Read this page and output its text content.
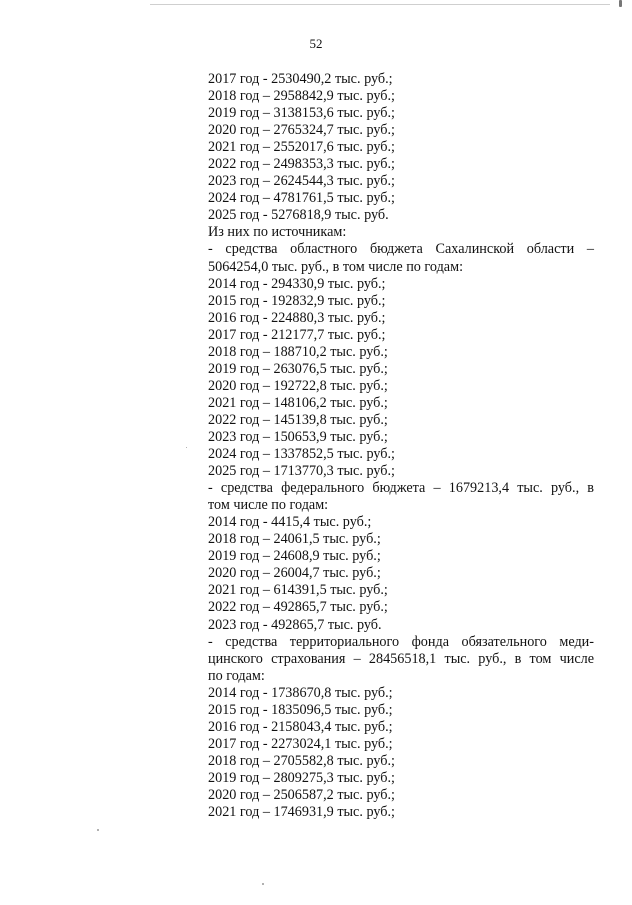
52
2017 год - 2530490,2 тыс. руб.;
2018 год – 2958842,9 тыс. руб.;
2019 год – 3138153,6 тыс. руб.;
2020 год – 2765324,7 тыс. руб.;
2021 год – 2552017,6 тыс. руб.;
2022 год – 2498353,3 тыс. руб.;
2023 год – 2624544,3 тыс. руб.;
2024 год – 4781761,5 тыс. руб.;
2025 год - 5276818,9 тыс. руб.
Из них по источникам:
- средства областного бюджета Сахалинской области –
5064254,0 тыс. руб., в том числе по годам:
2014 год - 294330,9 тыс. руб.;
2015 год - 192832,9 тыс. руб.;
2016 год - 224880,3 тыс. руб.;
2017 год - 212177,7 тыс. руб.;
2018 год – 188710,2 тыс. руб.;
2019 год – 263076,5 тыс. руб.;
2020 год – 192722,8 тыс. руб.;
2021 год – 148106,2 тыс. руб.;
2022 год – 145139,8 тыс. руб.;
2023 год – 150653,9 тыс. руб.;
2024 год – 1337852,5 тыс. руб.;
2025 год – 1713770,3 тыс. руб.;
- средства федерального бюджета – 1679213,4 тыс. руб., в
том числе по годам:
2014 год - 4415,4 тыс. руб.;
2018 год – 24061,5 тыс. руб.;
2019 год – 24608,9 тыс. руб.;
2020 год – 26004,7 тыс. руб.;
2021 год – 614391,5 тыс. руб.;
2022 год – 492865,7 тыс. руб.;
2023 год - 492865,7 тыс. руб.
- средства территориального фонда обязательного меди-
цинского страхования – 28456518,1 тыс. руб., в том числе
по годам:
2014 год - 1738670,8 тыс. руб.;
2015 год - 1835096,5 тыс. руб.;
2016 год - 2158043,4 тыс. руб.;
2017 год - 2273024,1 тыс. руб.;
2018 год – 2705582,8 тыс. руб.;
2019 год – 2809275,3 тыс. руб.;
2020 год – 2506587,2 тыс. руб.;
2021 год – 1746931,9 тыс. руб.;
